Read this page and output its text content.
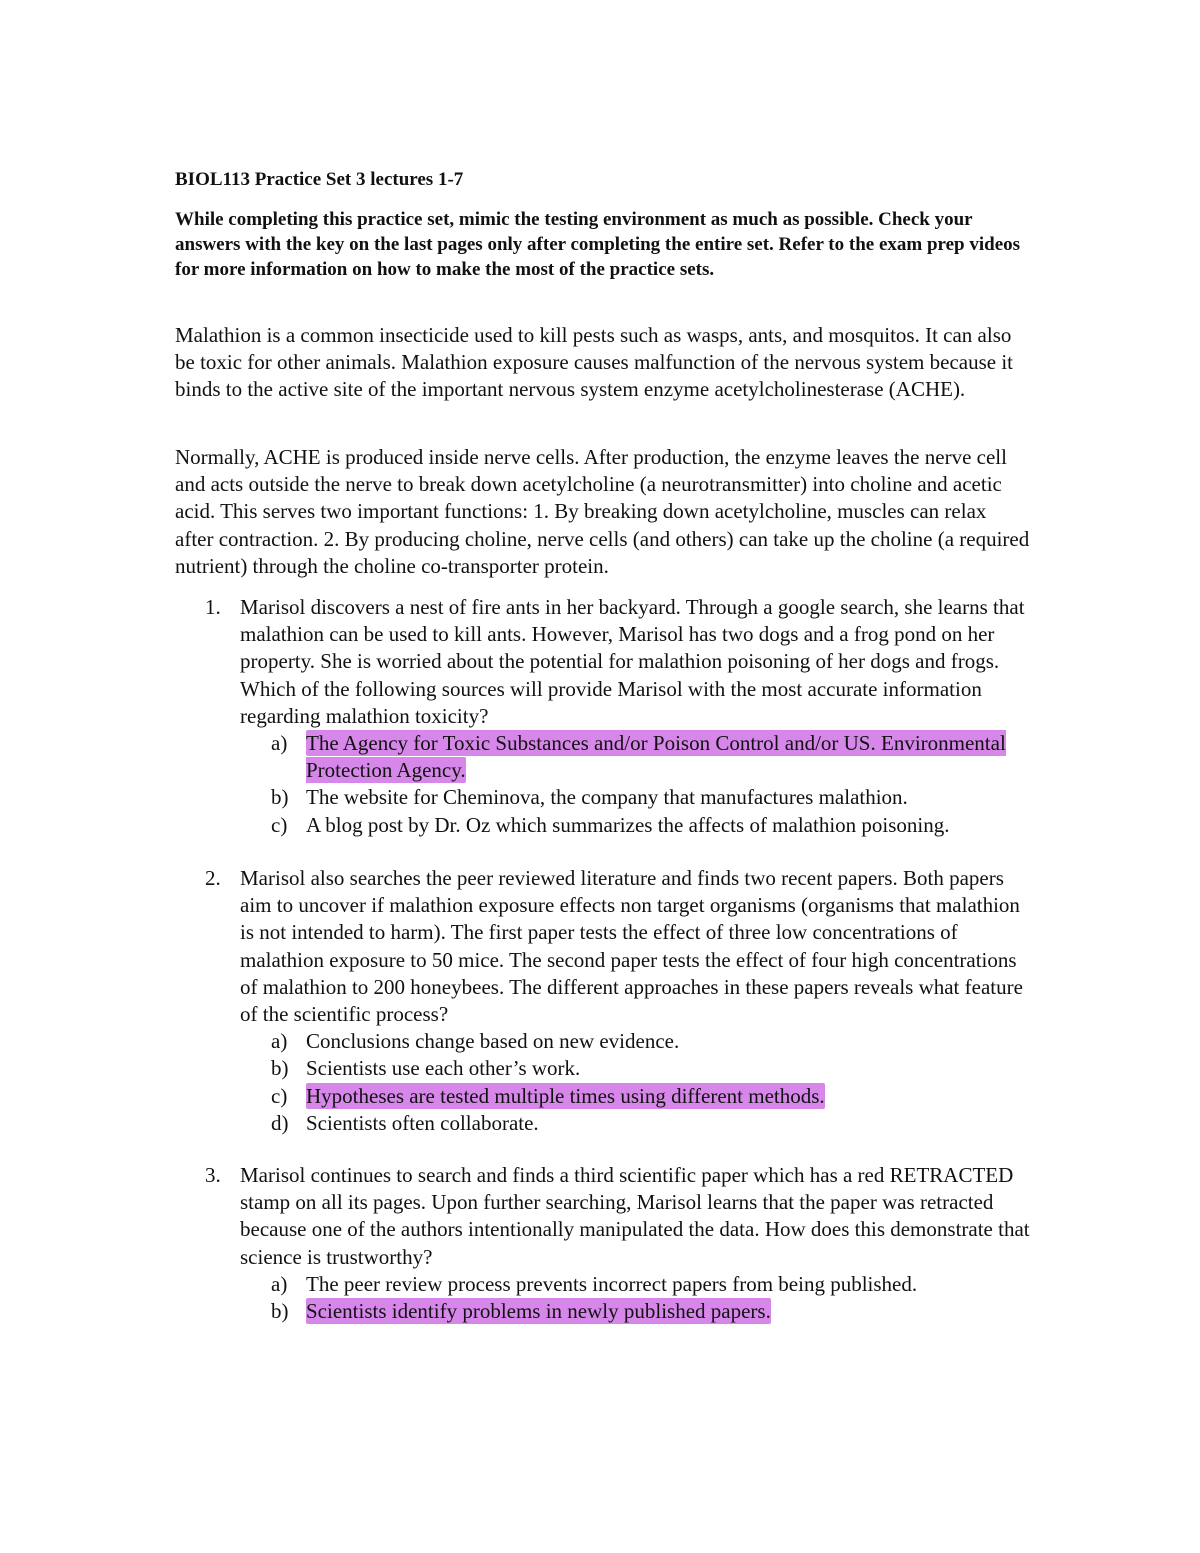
BIOL113 Practice Set 3 lectures 1-7

While completing this practice set, mimic the testing environment as much as possible. Check your answers with the key on the last pages only after completing the entire set. Refer to the exam prep videos for more information on how to make the most of the practice sets.

Malathion is a common insecticide used to kill pests such as wasps, ants, and mosquitos. It can also be toxic for other animals. Malathion exposure causes malfunction of the nervous system because it binds to the active site of the important nervous system enzyme acetylcholinesterase (ACHE).

Normally, ACHE is produced inside nerve cells. After production, the enzyme leaves the nerve cell and acts outside the nerve to break down acetylcholine (a neurotransmitter) into choline and acetic acid. This serves two important functions: 1. By breaking down acetylcholine, muscles can relax after contraction. 2. By producing choline, nerve cells (and others) can take up the choline (a required nutrient) through the choline co-transporter protein.

1. Marisol discovers a nest of fire ants in her backyard. Through a google search, she learns that malathion can be used to kill ants. However, Marisol has two dogs and a frog pond on her property. She is worried about the potential for malathion poisoning of her dogs and frogs. Which of the following sources will provide Marisol with the most accurate information regarding malathion toxicity?

a) The Agency for Toxic Substances and/or Poison Control and/or US. Environmental Protection Agency.
b) The website for Cheminova, the company that manufactures malathion.
c) A blog post by Dr. Oz which summarizes the affects of malathion poisoning.

2. Marisol also searches the peer reviewed literature and finds two recent papers. Both papers aim to uncover if malathion exposure effects non target organisms (organisms that malathion is not intended to harm). The first paper tests the effect of three low concentrations of malathion exposure to 50 mice. The second paper tests the effect of four high concentrations of malathion to 200 honeybees. The different approaches in these papers reveals what feature of the scientific process?

a) Conclusions change based on new evidence.
b) Scientists use each other’s work.
c) Hypotheses are tested multiple times using different methods.
d) Scientists often collaborate.

3. Marisol continues to search and finds a third scientific paper which has a red RETRACTED stamp on all its pages. Upon further searching, Marisol learns that the paper was retracted because one of the authors intentionally manipulated the data. How does this demonstrate that science is trustworthy?

a) The peer review process prevents incorrect papers from being published.
b) Scientists identify problems in newly published papers.
